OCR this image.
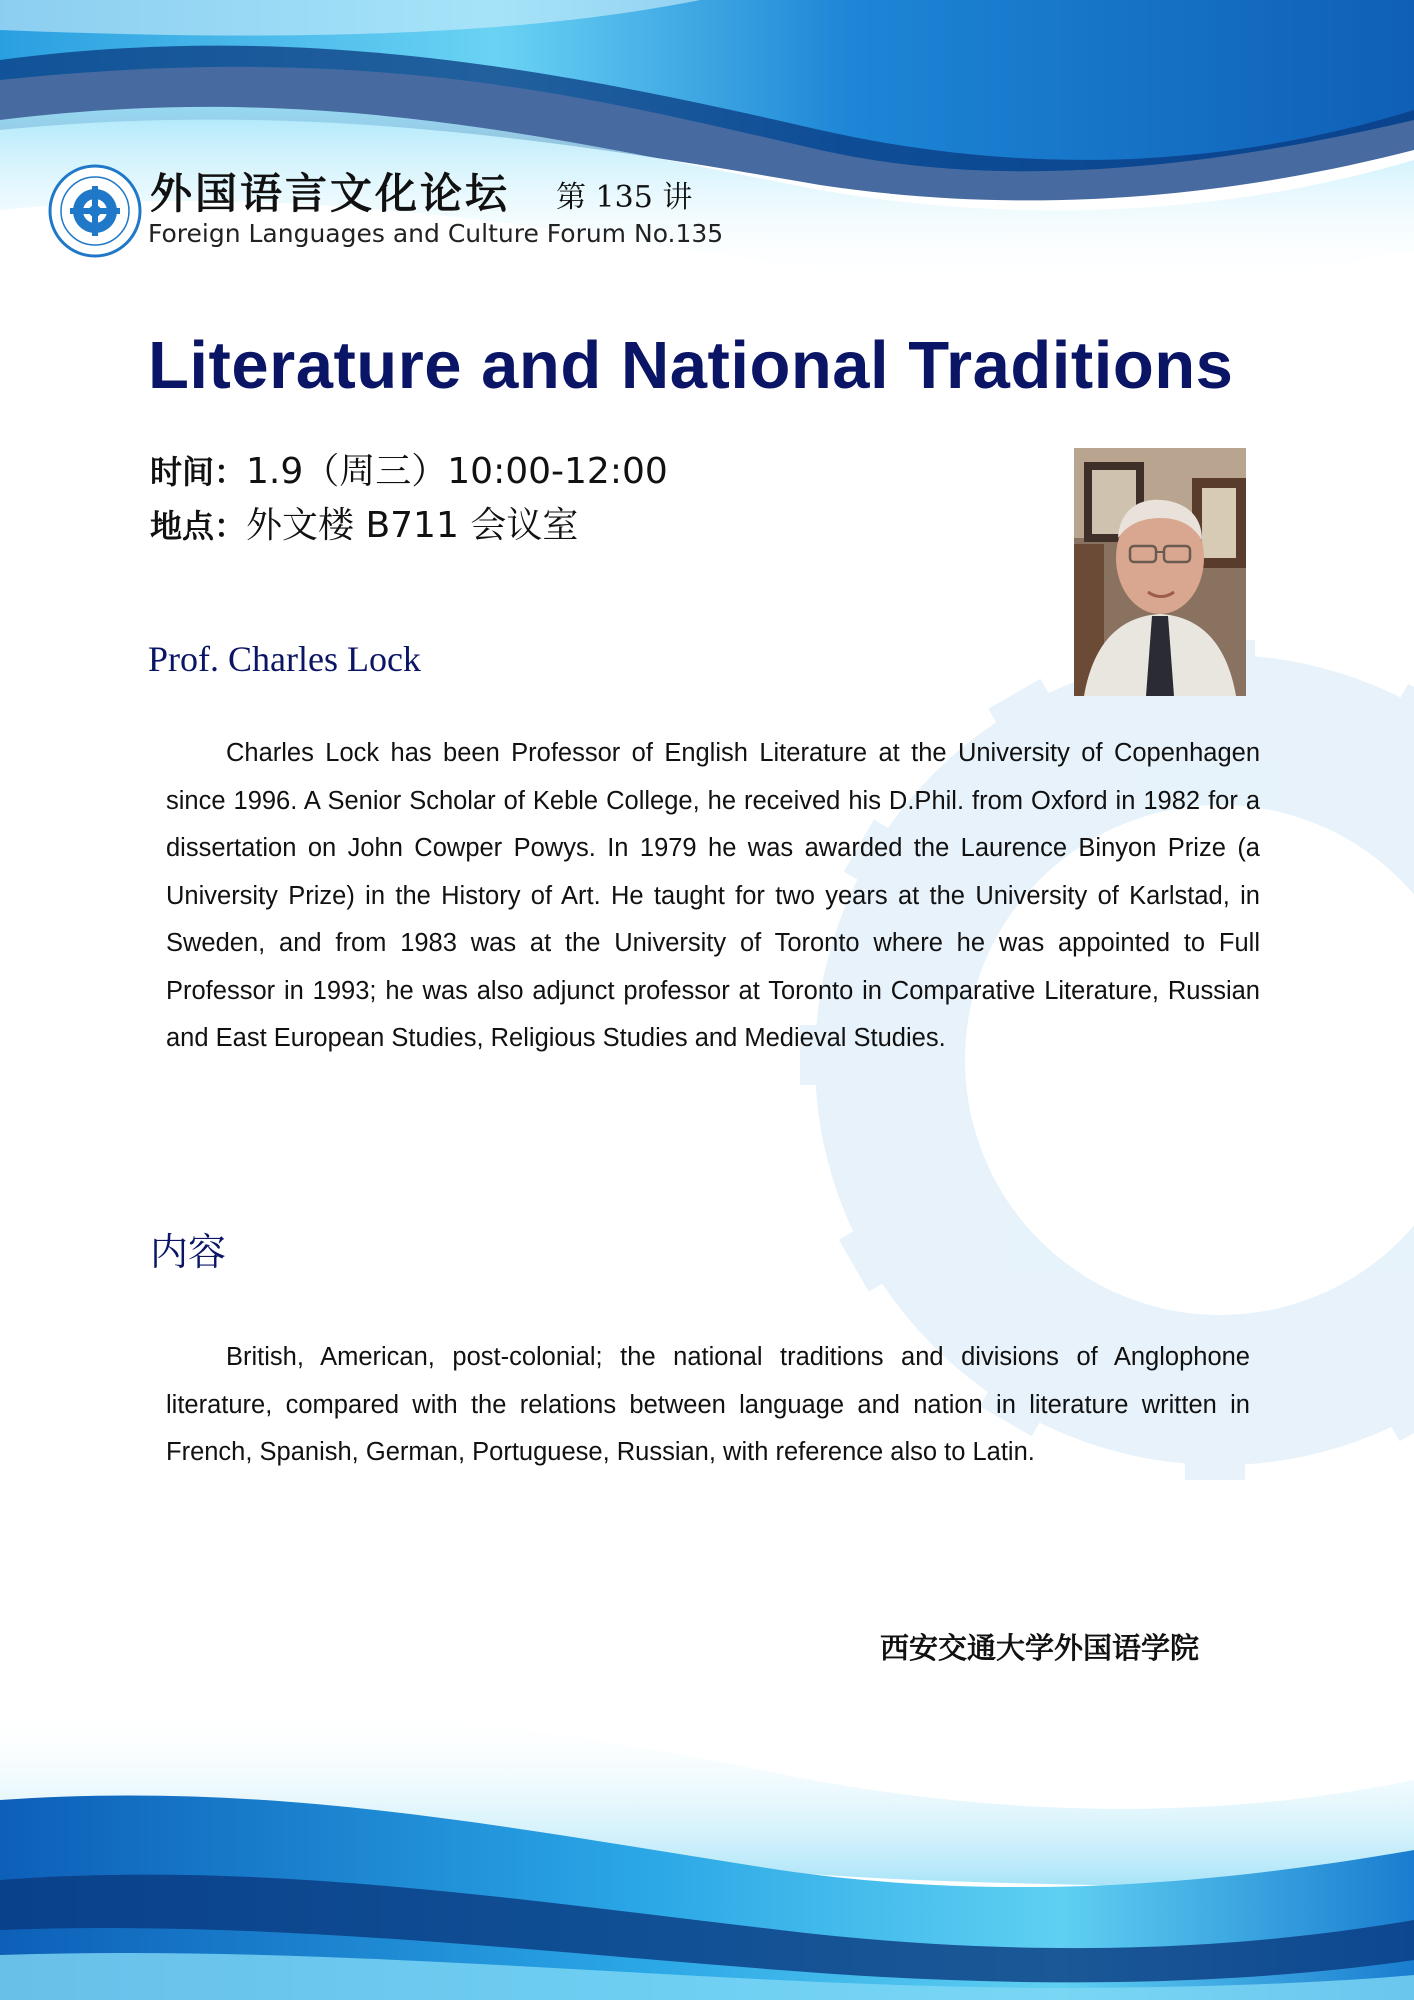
外国语言文化论坛 第 135 讲
Foreign Languages and Culture Forum No.135
Literature and National Traditions
时间：1.9（周三）10:00-12:00
地点：外文楼 B711 会议室
Prof. Charles Lock

Charles Lock has been Professor of English Literature at the University of Copenhagen since 1996. A Senior Scholar of Keble College, he received his D.Phil. from Oxford in 1982 for a dissertation on John Cowper Powys. In 1979 he was awarded the Laurence Binyon Prize (a University Prize) in the History of Art. He taught for two years at the University of Karlstad, in Sweden, and from 1983 was at the University of Toronto where he was appointed to Full Professor in 1993; he was also adjunct professor at Toronto in Comparative Literature, Russian and East European Studies, Religious Studies and Medieval Studies.

内容

British, American, post-colonial; the national traditions and divisions of Anglophone literature, compared with the relations between language and nation in literature written in French, Spanish, German, Portuguese, Russian, with reference also to Latin.

西安交通大学外国语学院
